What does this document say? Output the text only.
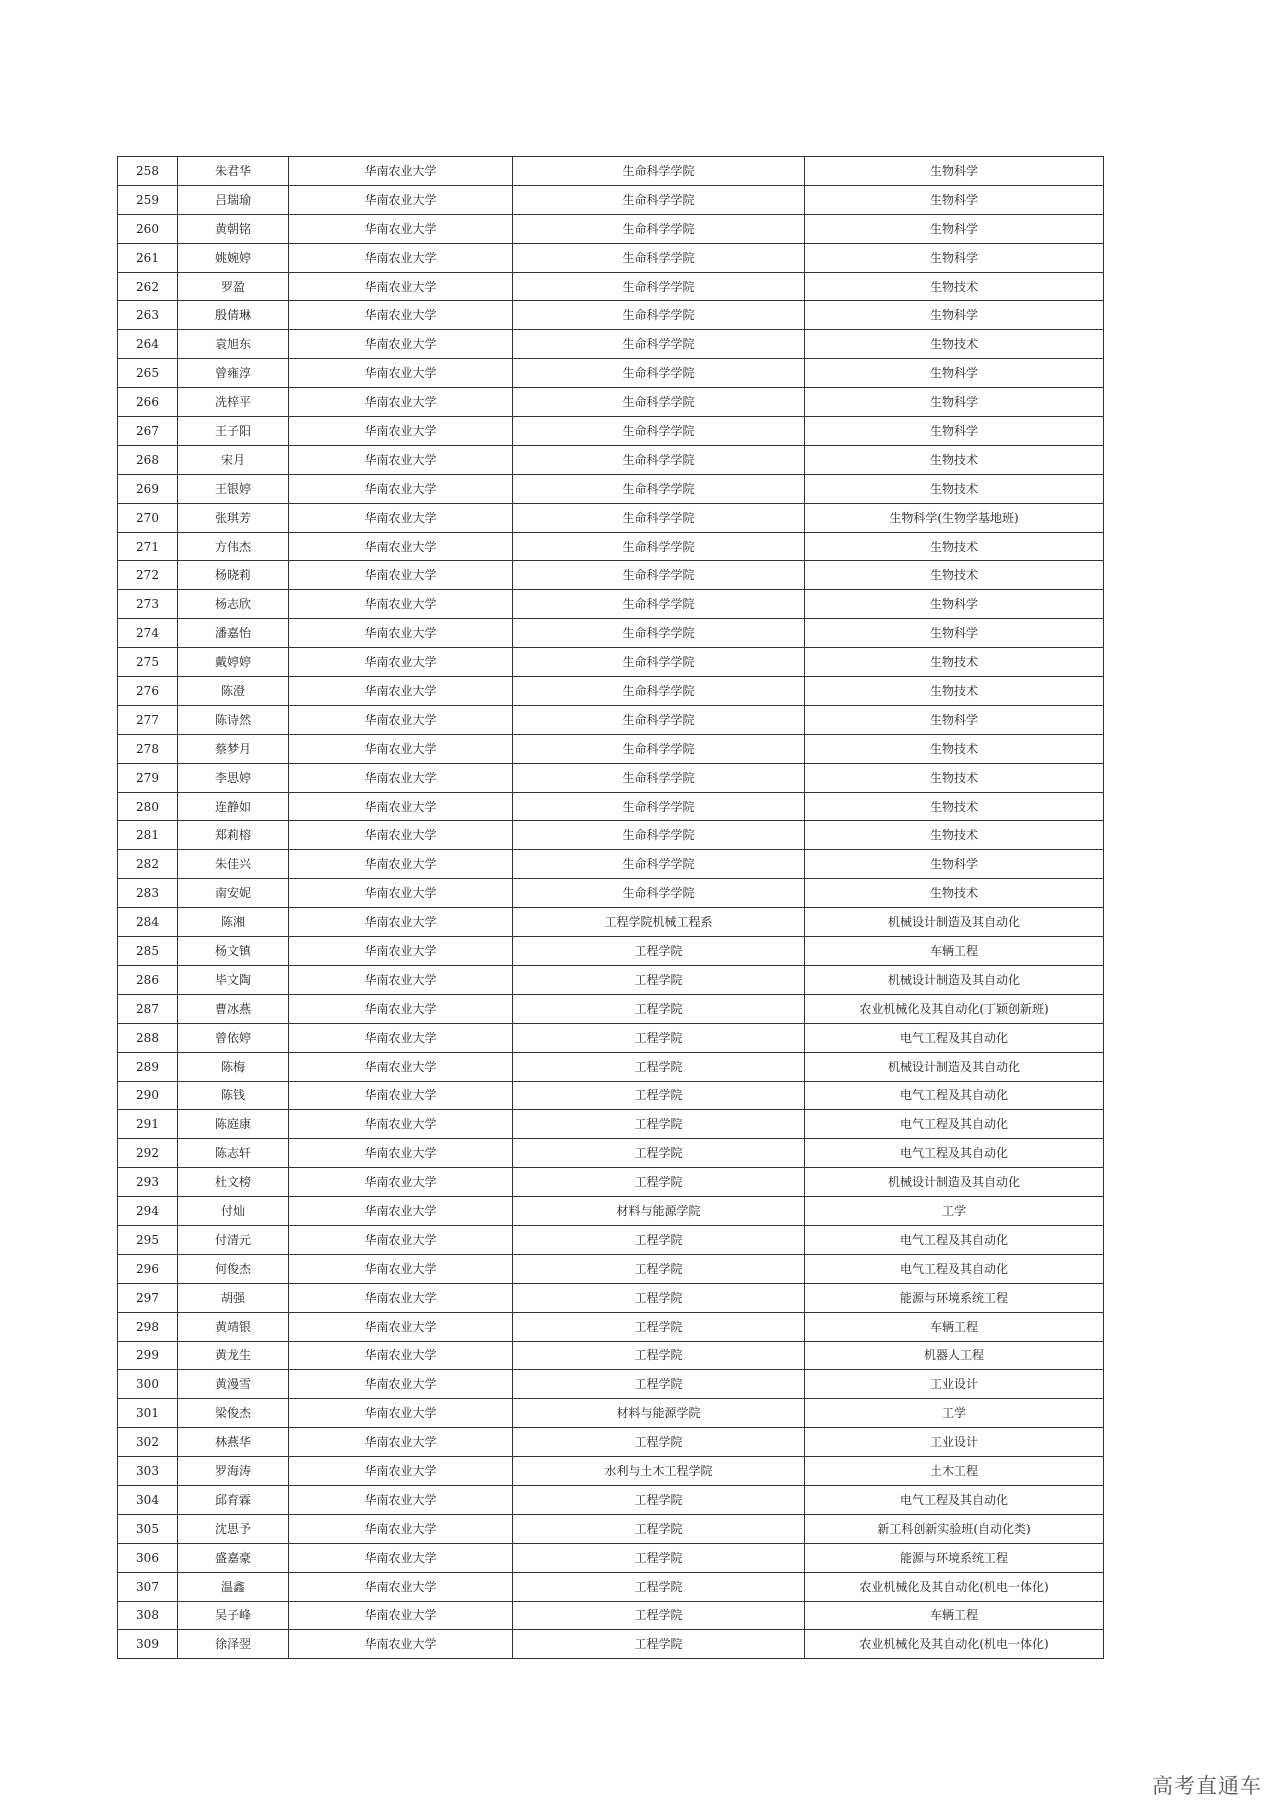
258	朱君华	华南农业大学	生命科学学院	生物科学
259	吕瑞瑜	华南农业大学	生命科学学院	生物科学
260	黄朝铭	华南农业大学	生命科学学院	生物科学
261	姚婉婷	华南农业大学	生命科学学院	生物科学
262	罗盈	华南农业大学	生命科学学院	生物技术
263	殷倩琳	华南农业大学	生命科学学院	生物科学
264	袁旭东	华南农业大学	生命科学学院	生物技术
265	曾雍淳	华南农业大学	生命科学学院	生物科学
266	冼梓平	华南农业大学	生命科学学院	生物科学
267	王子阳	华南农业大学	生命科学学院	生物科学
268	宋月	华南农业大学	生命科学学院	生物技术
269	王银婷	华南农业大学	生命科学学院	生物技术
270	张琪芳	华南农业大学	生命科学学院	生物科学(生物学基地班)
271	方伟杰	华南农业大学	生命科学学院	生物技术
272	杨晓莉	华南农业大学	生命科学学院	生物技术
273	杨志欣	华南农业大学	生命科学学院	生物科学
274	潘嘉怡	华南农业大学	生命科学学院	生物科学
275	戴婷婷	华南农业大学	生命科学学院	生物技术
276	陈澄	华南农业大学	生命科学学院	生物技术
277	陈诗然	华南农业大学	生命科学学院	生物科学
278	蔡梦月	华南农业大学	生命科学学院	生物技术
279	李思婷	华南农业大学	生命科学学院	生物技术
280	连静如	华南农业大学	生命科学学院	生物技术
281	郑莉榕	华南农业大学	生命科学学院	生物技术
282	朱佳兴	华南农业大学	生命科学学院	生物科学
283	南安妮	华南农业大学	生命科学学院	生物技术
284	陈湘	华南农业大学	工程学院机械工程系	机械设计制造及其自动化
285	杨文镇	华南农业大学	工程学院	车辆工程
286	毕文陶	华南农业大学	工程学院	机械设计制造及其自动化
287	曹冰燕	华南农业大学	工程学院	农业机械化及其自动化(丁颖创新班)
288	曾依婷	华南农业大学	工程学院	电气工程及其自动化
289	陈梅	华南农业大学	工程学院	机械设计制造及其自动化
290	陈钱	华南农业大学	工程学院	电气工程及其自动化
291	陈庭康	华南农业大学	工程学院	电气工程及其自动化
292	陈志轩	华南农业大学	工程学院	电气工程及其自动化
293	杜文榜	华南农业大学	工程学院	机械设计制造及其自动化
294	付灿	华南农业大学	材料与能源学院	工学
295	付清元	华南农业大学	工程学院	电气工程及其自动化
296	何俊杰	华南农业大学	工程学院	电气工程及其自动化
297	胡强	华南农业大学	工程学院	能源与环境系统工程
298	黄靖银	华南农业大学	工程学院	车辆工程
299	黄龙生	华南农业大学	工程学院	机器人工程
300	黄漫雪	华南农业大学	工程学院	工业设计
301	梁俊杰	华南农业大学	材料与能源学院	工学
302	林燕华	华南农业大学	工程学院	工业设计
303	罗海涛	华南农业大学	水利与土木工程学院	土木工程
304	邱育霖	华南农业大学	工程学院	电气工程及其自动化
305	沈思予	华南农业大学	工程学院	新工科创新实验班(自动化类)
306	盛嘉豪	华南农业大学	工程学院	能源与环境系统工程
307	温鑫	华南农业大学	工程学院	农业机械化及其自动化(机电一体化)
308	吴子峰	华南农业大学	工程学院	车辆工程
309	徐泽翌	华南农业大学	工程学院	农业机械化及其自动化(机电一体化)
高考直通车
